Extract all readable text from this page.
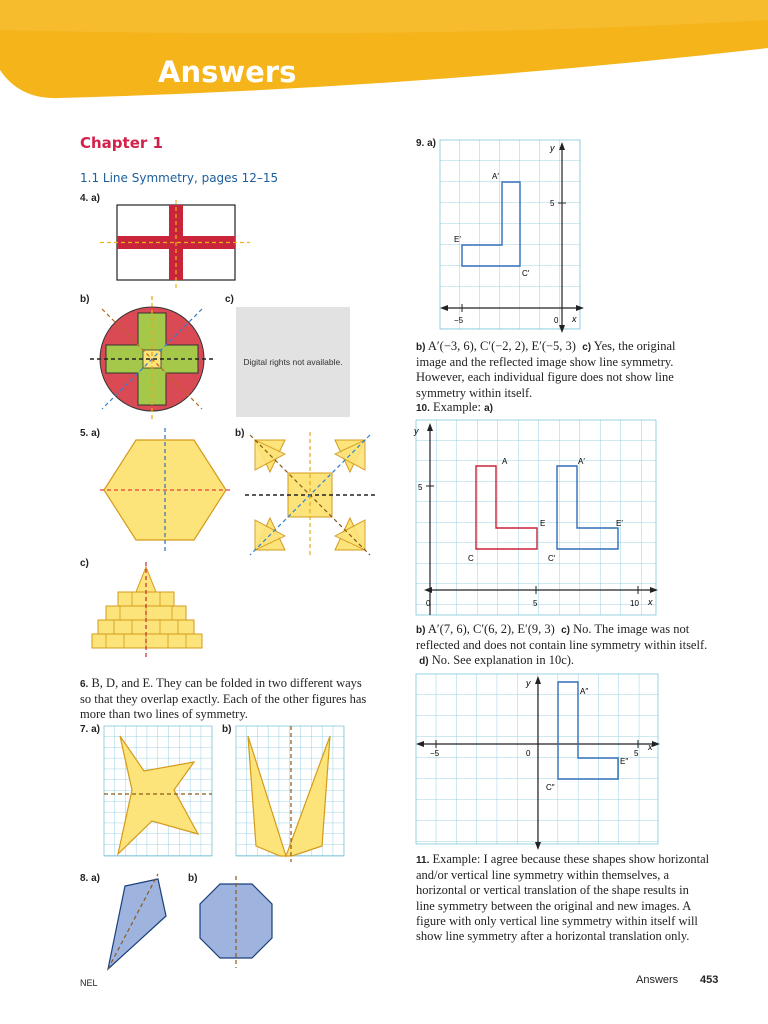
Answers
Chapter 1
1.1 Line Symmetry, pages 12–15
4. a)
b)	c)
Digital rights not available.
5. a)	b)
c)
6. B, D, and E. They can be folded in two different ways so that they overlap exactly. Each of the other figures has more than two lines of symmetry.
7. a)	b)
8. a)	b)
9. a)	y
x
5
−5	0
A′
E′
C′
b) A′(−3, 6), C′(−2, 2), E′(−5, 3) c) Yes, the original image and the reflected image show line symmetry. However, each individual figure does not show line symmetry within itself.
10. Example: a)
y
x
5
0	5	10
A
E
C
A′
E′
C′
b) A′(7, 6), C′(6, 2), E′(9, 3) c) No. The image was not reflected and does not contain line symmetry within itself.  d) No. See explanation in 10c).
y
x
−5	0	5
A″
E″
C″
11. Example: I agree because these shapes show horizontal and/or vertical line symmetry within themselves, a horizontal or vertical translation of the shape results in line symmetry between the original and new images. A figure with only vertical line symmetry within itself will show line symmetry after a horizontal translation only.
NEL	Answers 453
